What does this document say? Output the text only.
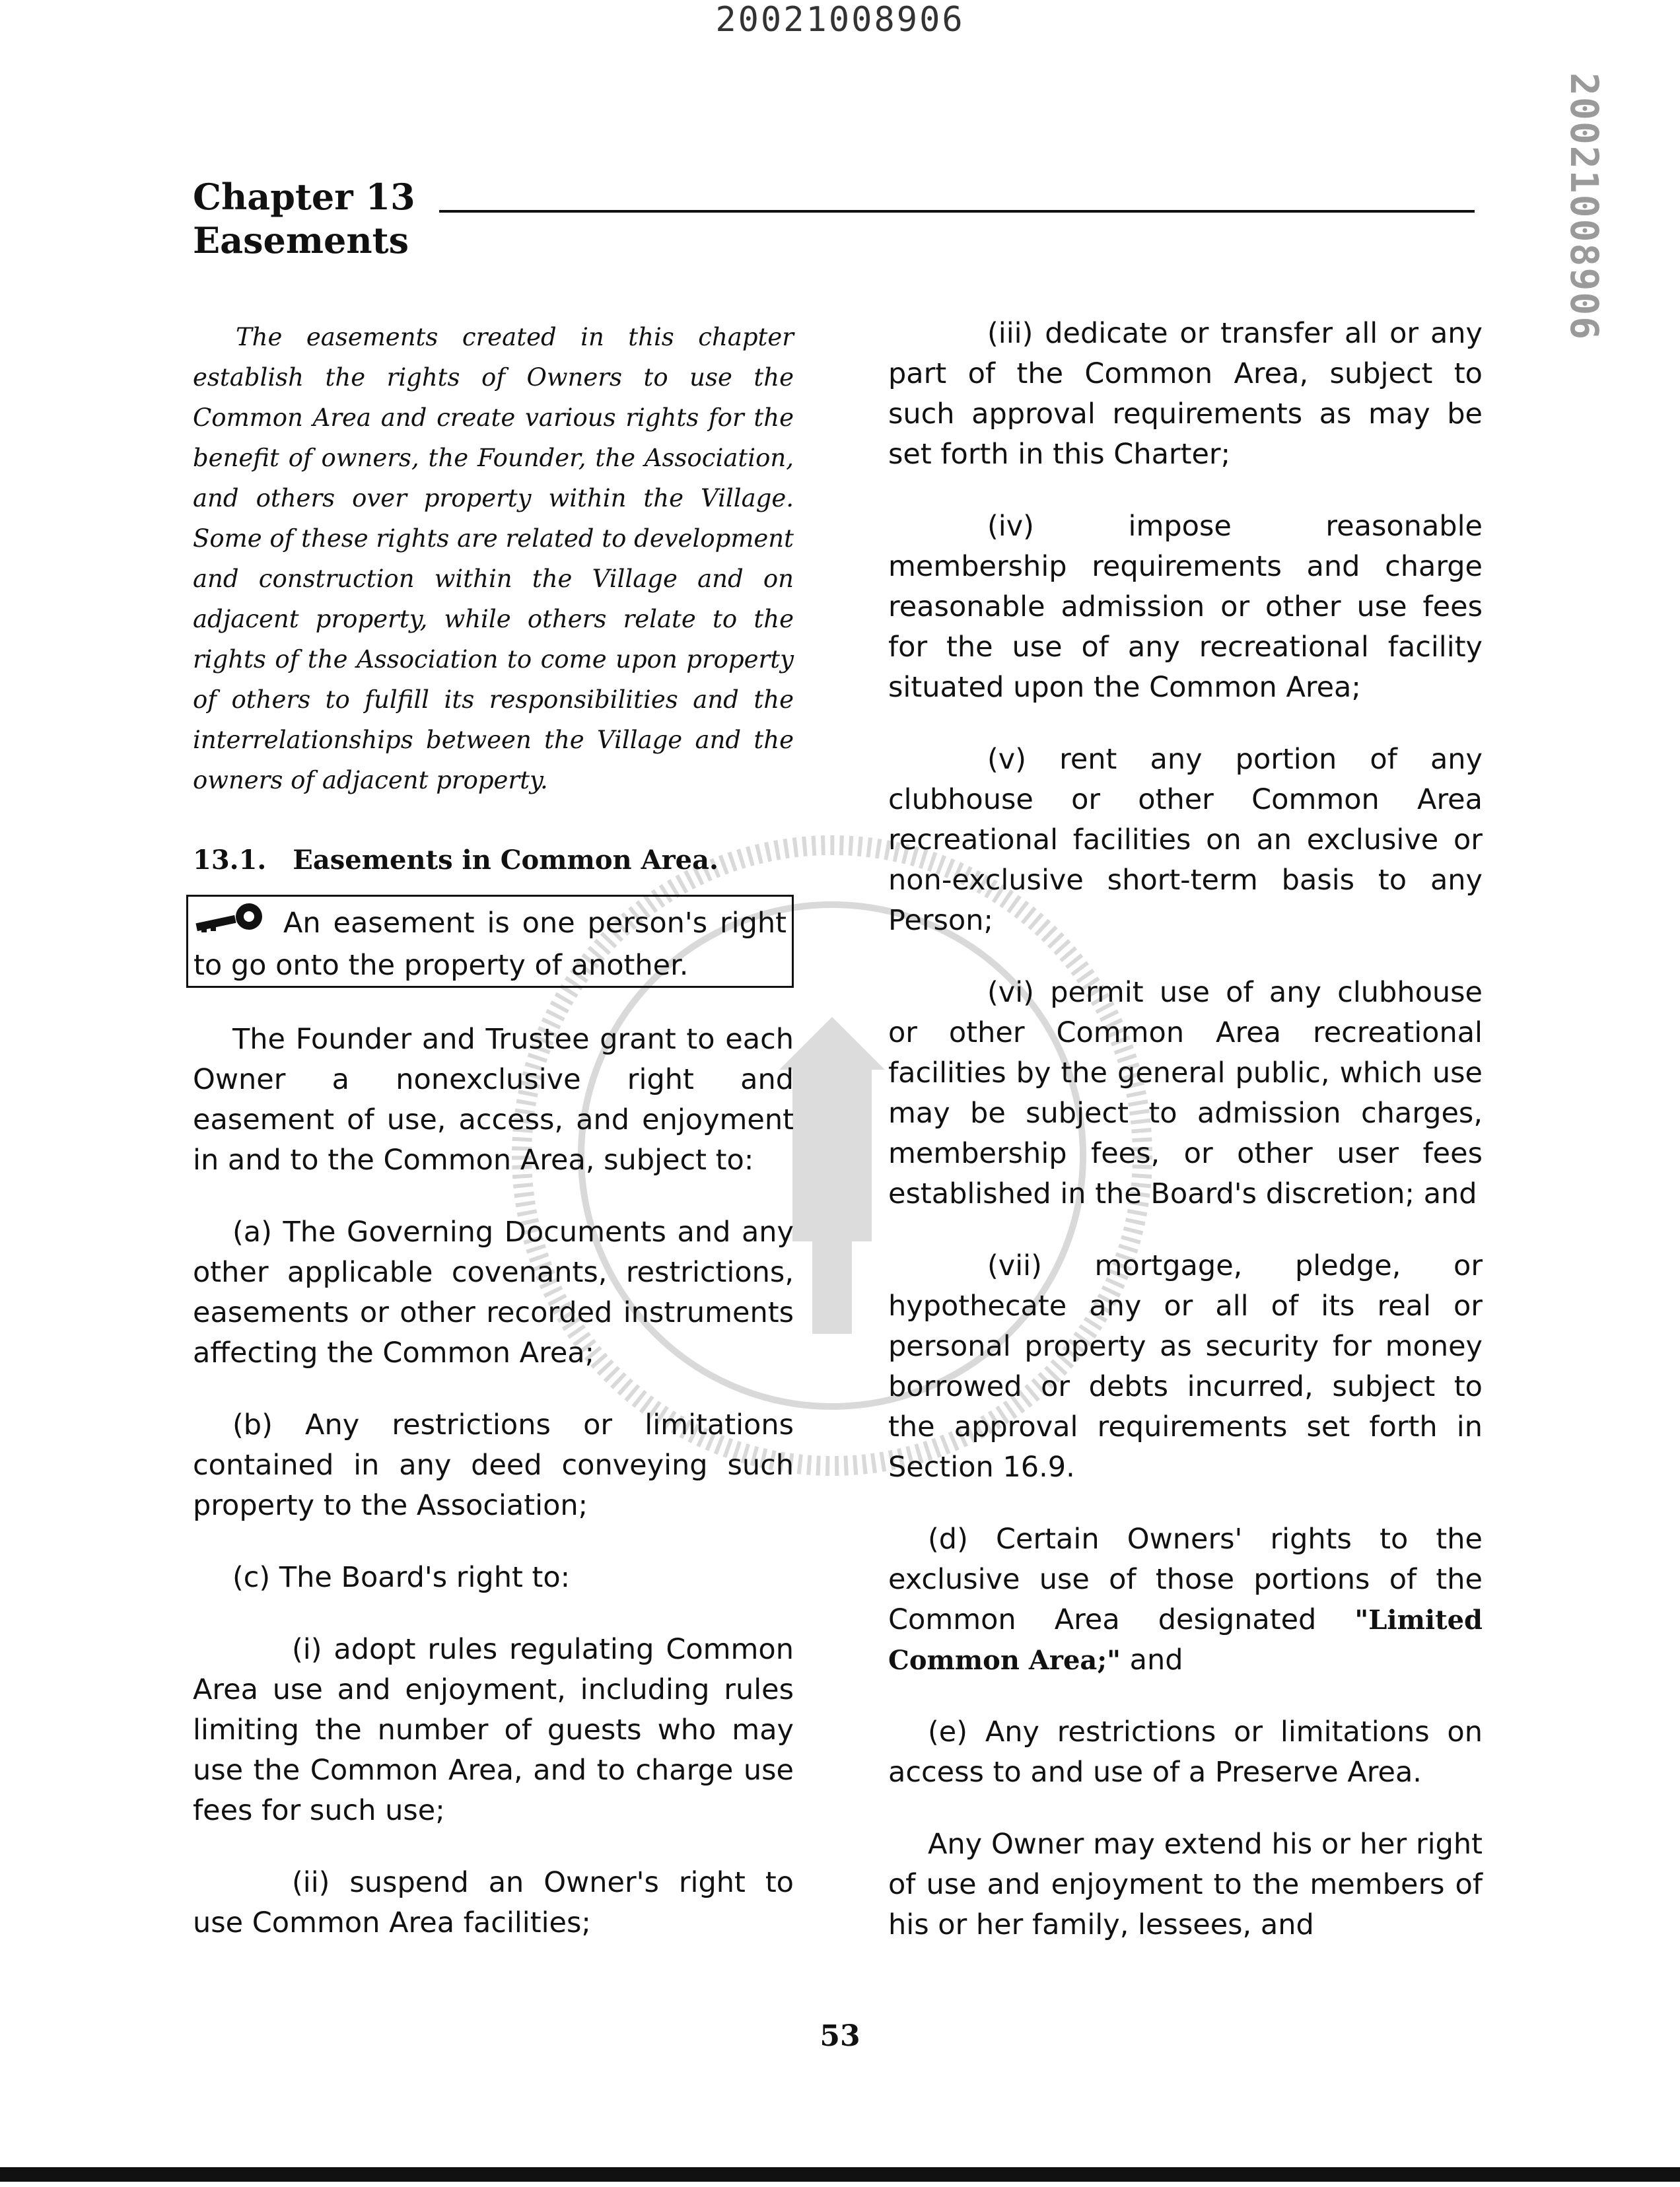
20021008906
20021008906
Chapter 13
Easements

The easements created in this chapter establish the rights of Owners to use the Common Area and create various rights for the benefit of owners, the Founder, the Association, and others over property within the Village. Some of these rights are related to development and construction within the Village and on adjacent property, while others relate to the rights of the Association to come upon property of others to fulfill its responsibilities and the interrelationships between the Village and the owners of adjacent property.

13.1. Easements in Common Area.

An easement is one person's right to go onto the property of another.

The Founder and Trustee grant to each Owner a nonexclusive right and easement of use, access, and enjoyment in and to the Common Area, subject to:

(a) The Governing Documents and any other applicable covenants, restrictions, easements or other recorded instruments affecting the Common Area;

(b) Any restrictions or limitations contained in any deed conveying such property to the Association;

(c) The Board's right to:

(i) adopt rules regulating Common Area use and enjoyment, including rules limiting the number of guests who may use the Common Area, and to charge use fees for such use;

(ii) suspend an Owner's right to use Common Area facilities;

(iii) dedicate or transfer all or any part of the Common Area, subject to such approval requirements as may be set forth in this Charter;

(iv) impose reasonable membership requirements and charge reasonable admission or other use fees for the use of any recreational facility situated upon the Common Area;

(v) rent any portion of any clubhouse or other Common Area recreational facilities on an exclusive or non-exclusive short-term basis to any Person;

(vi) permit use of any clubhouse or other Common Area recreational facilities by the general public, which use may be subject to admission charges, membership fees, or other user fees established in the Board's discretion; and

(vii) mortgage, pledge, or hypothecate any or all of its real or personal property as security for money borrowed or debts incurred, subject to the approval requirements set forth in Section 16.9.

(d) Certain Owners' rights to the exclusive use of those portions of the Common Area designated "Limited Common Area;" and

(e) Any restrictions or limitations on access to and use of a Preserve Area.

Any Owner may extend his or her right of use and enjoyment to the members of his or her family, lessees, and

53
